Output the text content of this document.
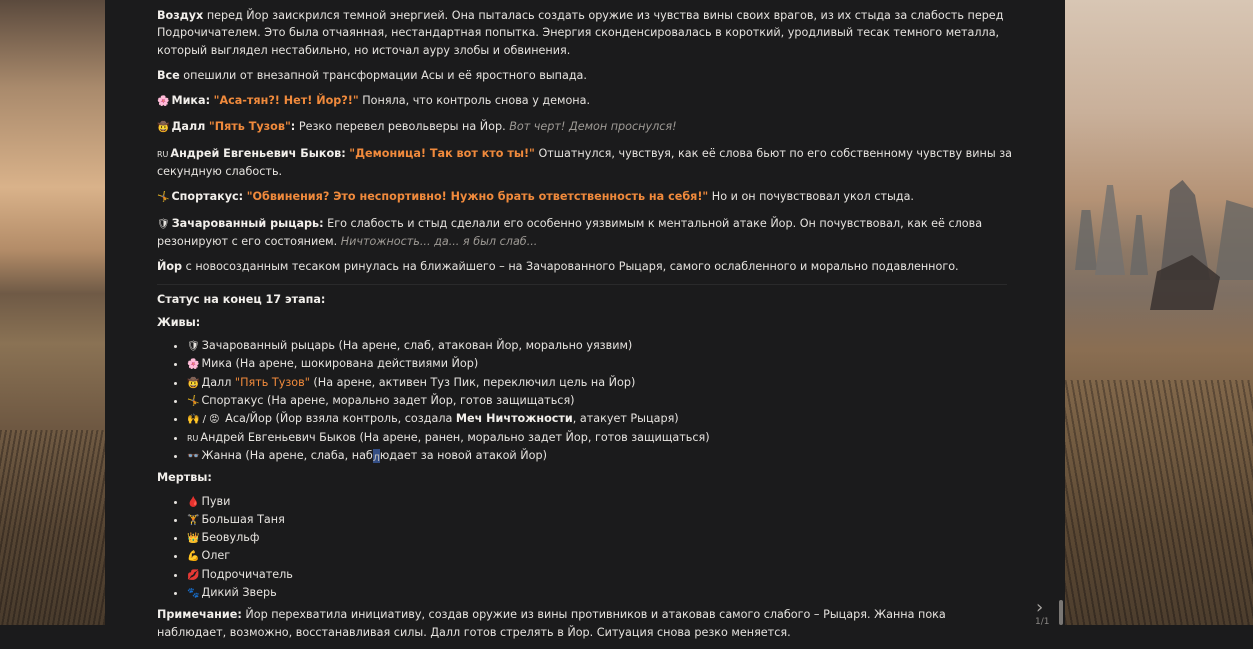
Воздух перед Йор заискрился темной энергией. Она пыталась создать оружие из чувства вины своих врагов, из их стыда за слабость перед Подрочичателем. Это была отчаянная, нестандартная попытка. Энергия сконденсировалась в короткий, уродливый тесак темного металла, который выглядел нестабильно, но источал ауру злобы и обвинения.

Все опешили от внезапной трансформации Асы и её яростного выпада.

🌸 Мика: "Аса-тян?! Нет! Йор?!" Поняла, что контроль снова у демона.

🤠 Далл "Пять Тузов": Резко перевел револьверы на Йор. Вот черт! Демон проснулся!

RU Андрей Евгеньевич Быков: "Демоница! Так вот кто ты!" Отшатнулся, чувствуя, как её слова бьют по его собственному чувству вины за секундную слабость.

🤸 Спортакус: "Обвинения? Это неспортивно! Нужно брать ответственность на себя!" Но и он почувствовал укол стыда.

🛡 Зачарованный рыцарь: Его слабость и стыд сделали его особенно уязвимым к ментальной атаке Йор. Он почувствовал, как её слова резонируют с его состоянием. Ничтожность... да... я был слаб...

Йор с новосозданным тесаком ринулась на ближайшего – на Зачарованного Рыцаря, самого ослабленного и морально подавленного.

Статус на конец 17 этапа:
Живы:
• 🛡 Зачарованный рыцарь (На арене, слаб, атакован Йор, морально уязвим)
• 🌸 Мика (На арене, шокирована действиями Йор)
• 🤠 Далл "Пять Тузов" (На арене, активен Туз Пик, переключил цель на Йор)
• 🤸 Спортакус (На арене, морально задет Йор, готов защищаться)
• 🙌 / 😡 Аса/Йор (Йор взяла контроль, создала Меч Ничтожности, атакует Рыцаря)
• RU Андрей Евгеньевич Быков (На арене, ранен, морально задет Йор, готов защищаться)
• 👓 Жанна (На арене, слаба, наблюдает за новой атакой Йор)
Мертвы:
• 🩸 Пуви
• 🏋 Большая Таня
• 👑 Беовульф
• 💪 Олег
• 💋 Подрочичатель
• 🐾 Дикий Зверь

Примечание: Йор перехватила инициативу, создав оружие из вины противников и атаковав самого слабого – Рыцаря. Жанна пока наблюдает, возможно, восстанавливая силы. Далл готов стрелять в Йор. Ситуация снова резко меняется.

›
1/1
